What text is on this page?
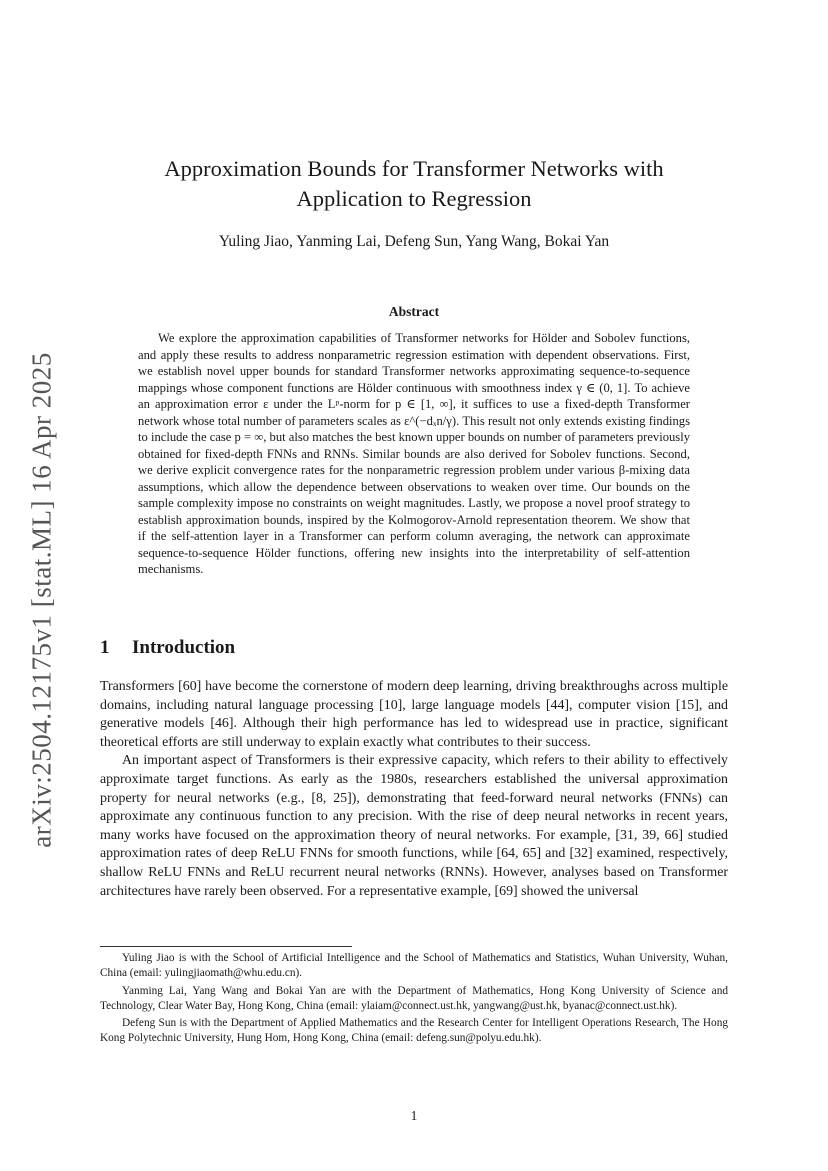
arXiv:2504.12175v1 [stat.ML] 16 Apr 2025
Approximation Bounds for Transformer Networks with
Application to Regression
Yuling Jiao, Yanming Lai, Defeng Sun, Yang Wang, Bokai Yan
Abstract

We explore the approximation capabilities of Transformer networks for Hölder and Sobolev functions, and apply these results to address nonparametric regression estimation with dependent observations. First, we establish novel upper bounds for standard Transformer networks approximating sequence-to-sequence mappings whose component functions are Hölder continuous with smoothness index γ ∈ (0, 1]. To achieve an approximation error ε under the Lᵖ-norm for p ∈ [1, ∞], it suffices to use a fixed-depth Transformer network whose total number of parameters scales as ε^(−dₓn/γ). This result not only extends existing findings to include the case p = ∞, but also matches the best known upper bounds on number of parameters previously obtained for fixed-depth FNNs and RNNs. Similar bounds are also derived for Sobolev functions. Second, we derive explicit convergence rates for the nonparametric regression problem under various β-mixing data assumptions, which allow the dependence between observations to weaken over time. Our bounds on the sample complexity impose no constraints on weight magnitudes. Lastly, we propose a novel proof strategy to establish approximation bounds, inspired by the Kolmogorov-Arnold representation theorem. We show that if the self-attention layer in a Transformer can perform column averaging, the network can approximate sequence-to-sequence Hölder functions, offering new insights into the interpretability of self-attention mechanisms.

1 Introduction

Transformers [60] have become the cornerstone of modern deep learning, driving breakthroughs across multiple domains, including natural language processing [10], large language models [44], computer vision [15], and generative models [46]. Although their high performance has led to widespread use in practice, significant theoretical efforts are still underway to explain exactly what contributes to their success.

An important aspect of Transformers is their expressive capacity, which refers to their ability to effectively approximate target functions. As early as the 1980s, researchers established the universal approximation property for neural networks (e.g., [8, 25]), demonstrating that feed-forward neural networks (FNNs) can approximate any continuous function to any precision. With the rise of deep neural networks in recent years, many works have focused on the approximation theory of neural networks. For example, [31, 39, 66] studied approximation rates of deep ReLU FNNs for smooth functions, while [64, 65] and [32] examined, respectively, shallow ReLU FNNs and ReLU recurrent neural networks (RNNs). However, analyses based on Transformer architectures have rarely been observed. For a representative example, [69] showed the universal

Yuling Jiao is with the School of Artificial Intelligence and the School of Mathematics and Statistics, Wuhan University, Wuhan, China (email: yulingjiaomath@whu.edu.cn).

Yanming Lai, Yang Wang and Bokai Yan are with the Department of Mathematics, Hong Kong University of Science and Technology, Clear Water Bay, Hong Kong, China (email: ylaiam@connect.ust.hk, yangwang@ust.hk, byanac@connect.ust.hk).

Defeng Sun is with the Department of Applied Mathematics and the Research Center for Intelligent Operations Research, The Hong Kong Polytechnic University, Hung Hom, Hong Kong, China (email: defeng.sun@polyu.edu.hk).

1
